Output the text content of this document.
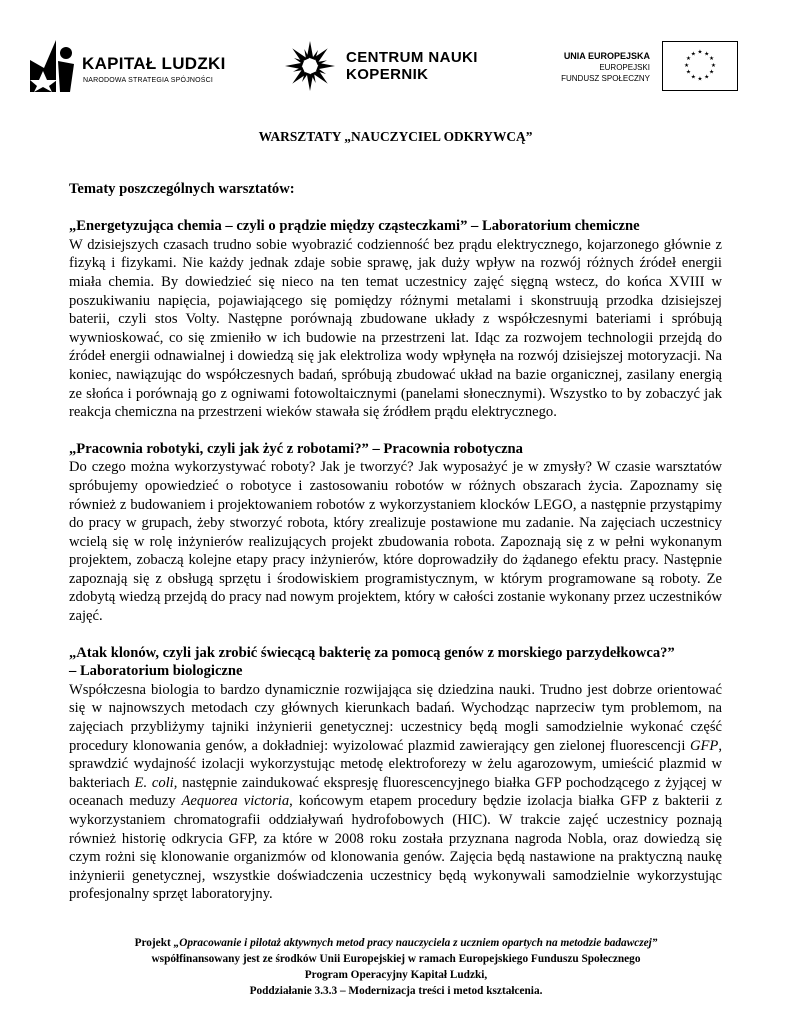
KAPITAŁ LUDZKI
NARODOWA STRATEGIA SPÓJNOŚCI
CENTRUM NAUKI
KOPERNIK
UNIA EUROPEJSKA
EUROPEJSKI
FUNDUSZ SPOŁECZNY
★ ★
★
★
★
★
★
★
★
★
★
★

WARSZTATY „NAUCZYCIEL ODKRYWCĄ”

Tematy poszczególnych warsztatów:

„Energetyzująca chemia – czyli o prądzie między cząsteczkami” – Laboratorium chemiczne

W dzisiejszych czasach trudno sobie wyobrazić codzienność bez prądu elektrycznego, kojarzonego głównie z fizyką i fizykami. Nie każdy jednak zdaje sobie sprawę, jak duży wpływ na rozwój różnych źródeł energii miała chemia. By dowiedzieć się nieco na ten temat uczestnicy zajęć sięgną wstecz, do końca XVIII w poszukiwaniu napięcia, pojawiającego się pomiędzy różnymi metalami i skonstruują przodka dzisiejszej baterii, czyli stos Volty. Następne porównają zbudowane układy z współczesnymi bateriami i spróbują wywnioskować, co się zmieniło w ich budowie na przestrzeni lat. Idąc za rozwojem technologii przejdą do źródeł energii odnawialnej i dowiedzą się jak elektroliza wody wpłynęła na rozwój dzisiejszej motoryzacji. Na koniec, nawiązując do współczesnych badań, spróbują zbudować układ na bazie organicznej, zasilany energią ze słońca i porównają go z ogniwami fotowoltaicznymi (panelami słonecznymi). Wszystko to by zobaczyć jak reakcja chemiczna na przestrzeni wieków stawała się źródłem prądu elektrycznego.

„Pracownia robotyki, czyli jak żyć z robotami?” – Pracownia robotyczna

Do czego można wykorzystywać roboty? Jak je tworzyć? Jak wyposażyć je w zmysły? W czasie warsztatów spróbujemy opowiedzieć o robotyce i zastosowaniu robotów w różnych obszarach życia. Zapoznamy się również z budowaniem i projektowaniem robotów z wykorzystaniem klocków LEGO, a następnie przystąpimy do pracy w grupach, żeby stworzyć robota, który zrealizuje postawione mu zadanie. Na zajęciach uczestnicy wcielą się w rolę inżynierów realizujących projekt zbudowania robota. Zapoznają się z w pełni wykonanym projektem, zobaczą kolejne etapy pracy inżynierów, które doprowadziły do żądanego efektu pracy. Następnie zapoznają się z obsługą sprzętu i środowiskiem programistycznym, w którym programowane są roboty. Ze zdobytą wiedzą przejdą do pracy nad nowym projektem, który w całości zostanie wykonany przez uczestników zajęć.

„Atak klonów, czyli jak zrobić świecącą bakterię za pomocą genów z morskiego parzydełkowca?”

– Laboratorium biologiczne

Współczesna biologia to bardzo dynamicznie rozwijająca się dziedzina nauki. Trudno jest dobrze orientować się w najnowszych metodach czy głównych kierunkach badań. Wychodząc naprzeciw tym problemom, na zajęciach przybliżymy tajniki inżynierii genetycznej: uczestnicy będą mogli samodzielnie wykonać część procedury klonowania genów, a dokładniej: wyizolować plazmid zawierający gen zielonej fluorescencji GFP, sprawdzić wydajność izolacji wykorzystując metodę elektroforezy w żelu agarozowym, umieścić plazmid w bakteriach E. coli, następnie zaindukować ekspresję fluorescencyjnego białka GFP pochodzącego z żyjącej w oceanach meduzy Aequorea victoria, końcowym etapem procedury będzie izolacja białka GFP z bakterii z wykorzystaniem chromatografii oddziaływań hydrofobowych (HIC). W trakcie zajęć uczestnicy poznają również historię odkrycia GFP, za które w 2008 roku została przyznana nagroda Nobla, oraz dowiedzą się czym rożni się klonowanie organizmów od klonowania genów. Zajęcia będą nastawione na praktyczną naukę inżynierii genetycznej, wszystkie doświadczenia uczestnicy będą wykonywali samodzielnie wykorzystując profesjonalny sprzęt laboratoryjny.

Projekt „Opracowanie i pilotaż aktywnych metod pracy nauczyciela z uczniem opartych na metodzie badawczej”
współfinansowany jest ze środków Unii Europejskiej w ramach Europejskiego Funduszu Społecznego
Program Operacyjny Kapitał Ludzki,
Poddziałanie 3.3.3 – Modernizacja treści i metod kształcenia.
